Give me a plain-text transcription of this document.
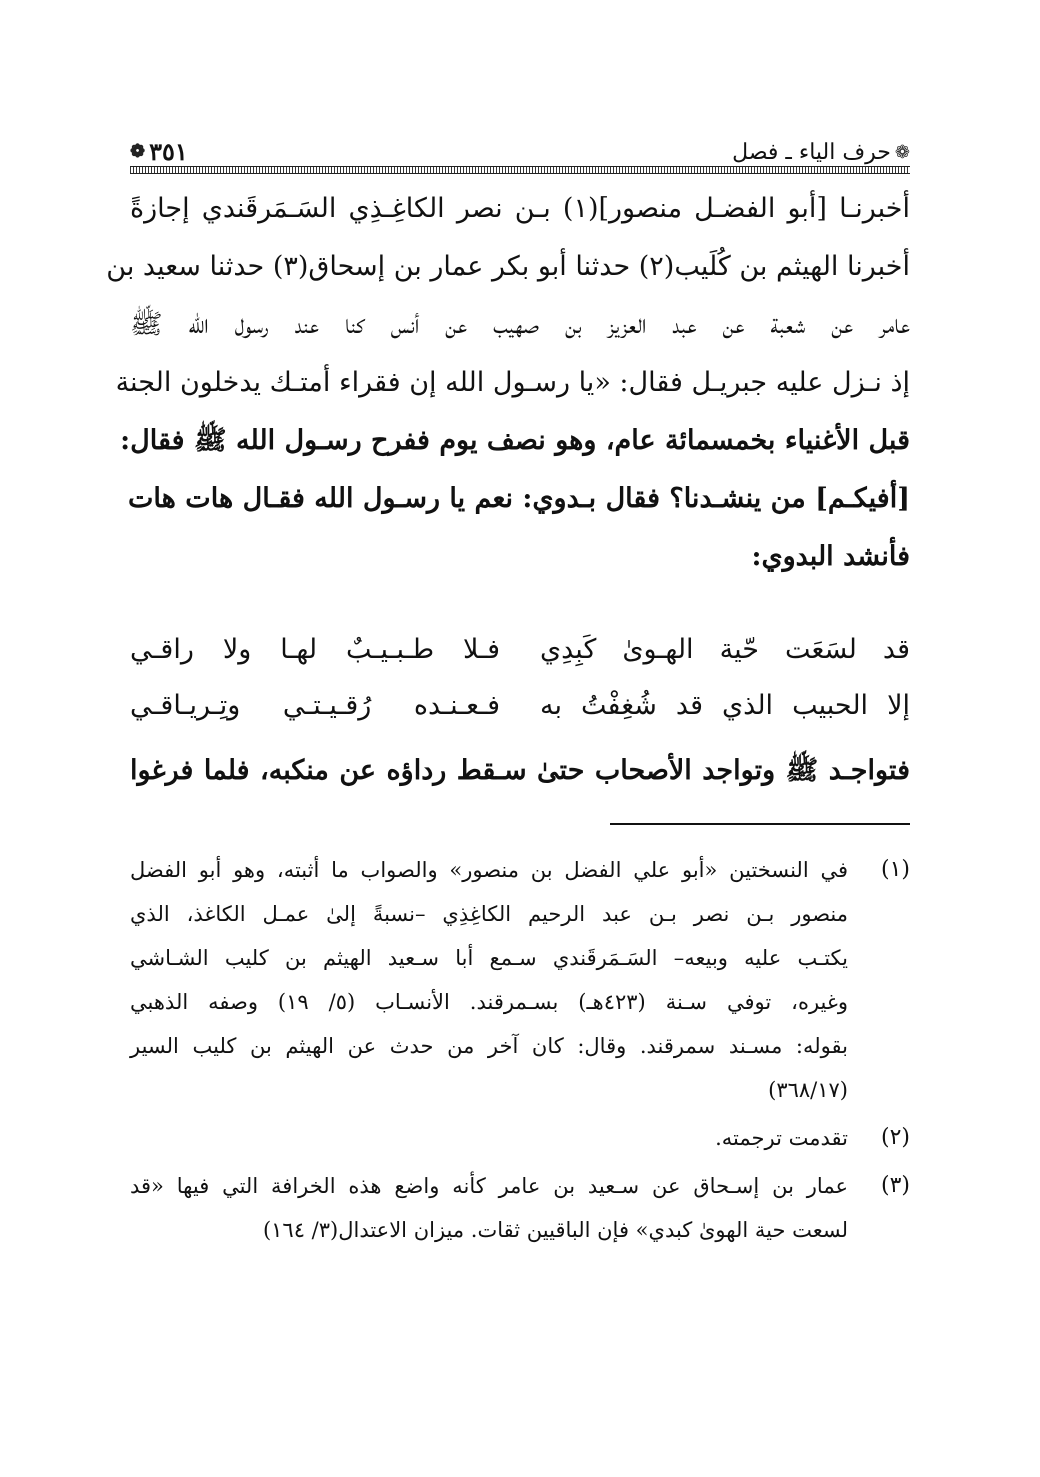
❁
حرف الياء ـ فصل
٣٥١
❁
أخبرنـا [أبو الفضـل منصور](١) بـن نصر الكاغِـذِي السَـمَرقَندي إجازةً
أخبرنا الهيثم بن كُلَيب(٢) حدثنا أبو بكر عمار بن إسحاق(٣) حدثنا سعيد بن
عامر عن شعبة عن عبد العزيز بن صهيب عن أنس كنا عند رسول الله ﷺ
إذ نـزل عليه جبريـل فقال: «يا رسـول الله إن فقراء أمتـك يدخلون الجنة
قبل الأغنياء بخمسمائة عام، وهو نصف يوم ففرح رسـول الله ﷺ فقال:
[أفيكـم] من ينشـدنا؟ فقال بـدوي: نعم يا رسـول الله فقـال هات هات
فأنشد البدوي:
قد لسَعَت حّية الهـوىٰ كَبِدِي
فـلا طـبـيـبٌ لهـا ولا راقـي
إلا الحبيب الذي قد شُغِفْتُ به
فـعـنـده رُقـيـتـي وتِـريـاقـي
فتواجـد ﷺ وتواجد الأصحاب حتىٰ سـقط رداؤه عن منكبه، فلما فرغوا
(١)
في النسختين «أبو علي الفضل بن منصور» والصواب ما أثبته، وهو أبو الفضل
منصور بـن نصر بـن عبد الرحيم الكاغِذِي –نسبةً إلىٰ عمـل الكاغذ، الذي
يكتـب عليه وبيعه– السَـمَرقَندي سـمع أبا سـعيد الهيثم بن كليب الشـاشي
وغيره، توفي سـنة (٤٢٣هـ) بسـمرقند. الأنسـاب (٥/ ١٩) وصفه الذهبي
بقوله: مسـند سمرقند. وقال: كان آخر من حدث عن الهيثم بن كليب السير
(٣٦٨/١٧)
(٢)
تقدمت ترجمته.
(٣)
عمار بن إسـحاق عن سـعيد بن عامر كأنه واضع هذه الخرافة التي فيها «قد
لسعت حية الهوىٰ كبدي» فإن الباقيين ثقات. ميزان الاعتدال(٣/ ١٦٤)
